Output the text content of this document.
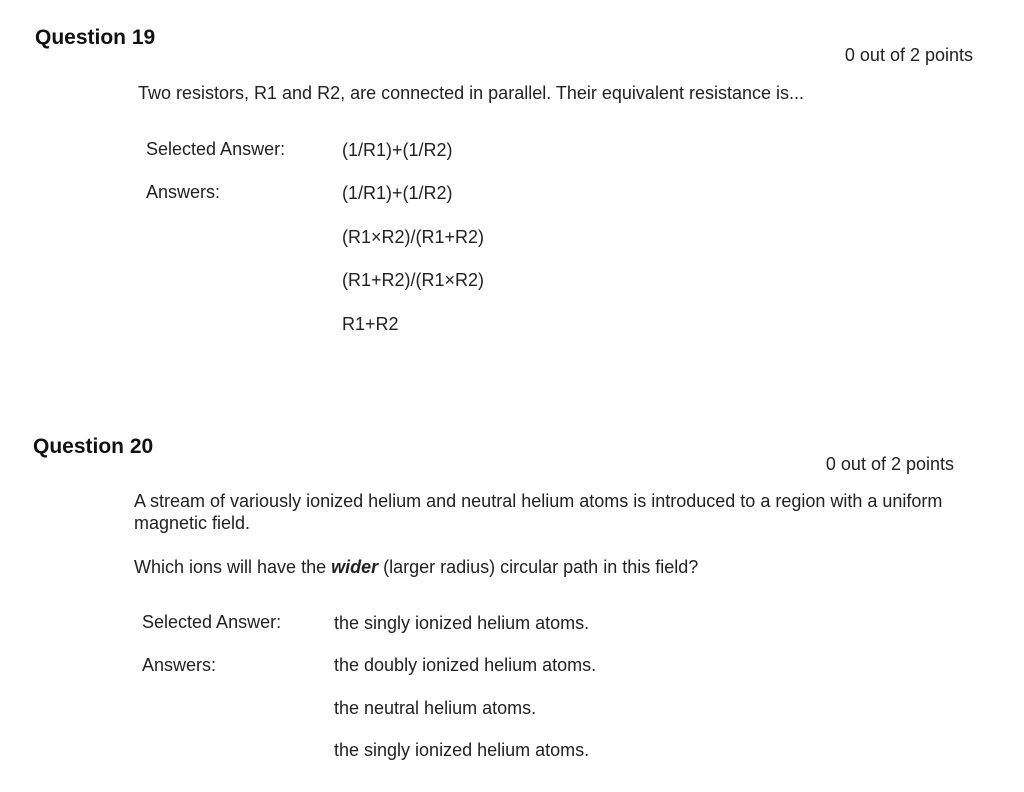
Question 19
0 out of 2 points

Two resistors, R1 and R2, are connected in parallel. Their equivalent resistance is...

Selected Answer:	(1/R1)+(1/R2)
Answers:	(1/R1)+(1/R2)
(R1×R2)/(R1+R2)
(R1+R2)/(R1×R2)
R1+R2
Question 20
0 out of 2 points

A stream of variously ionized helium and neutral helium atoms is introduced to a region with a uniform magnetic field.

Which ions will have the wider (larger radius) circular path in this field?

Selected Answer:	the singly ionized helium atoms.
Answers:	the doubly ionized helium atoms.
the neutral helium atoms.
the singly ionized helium atoms.
